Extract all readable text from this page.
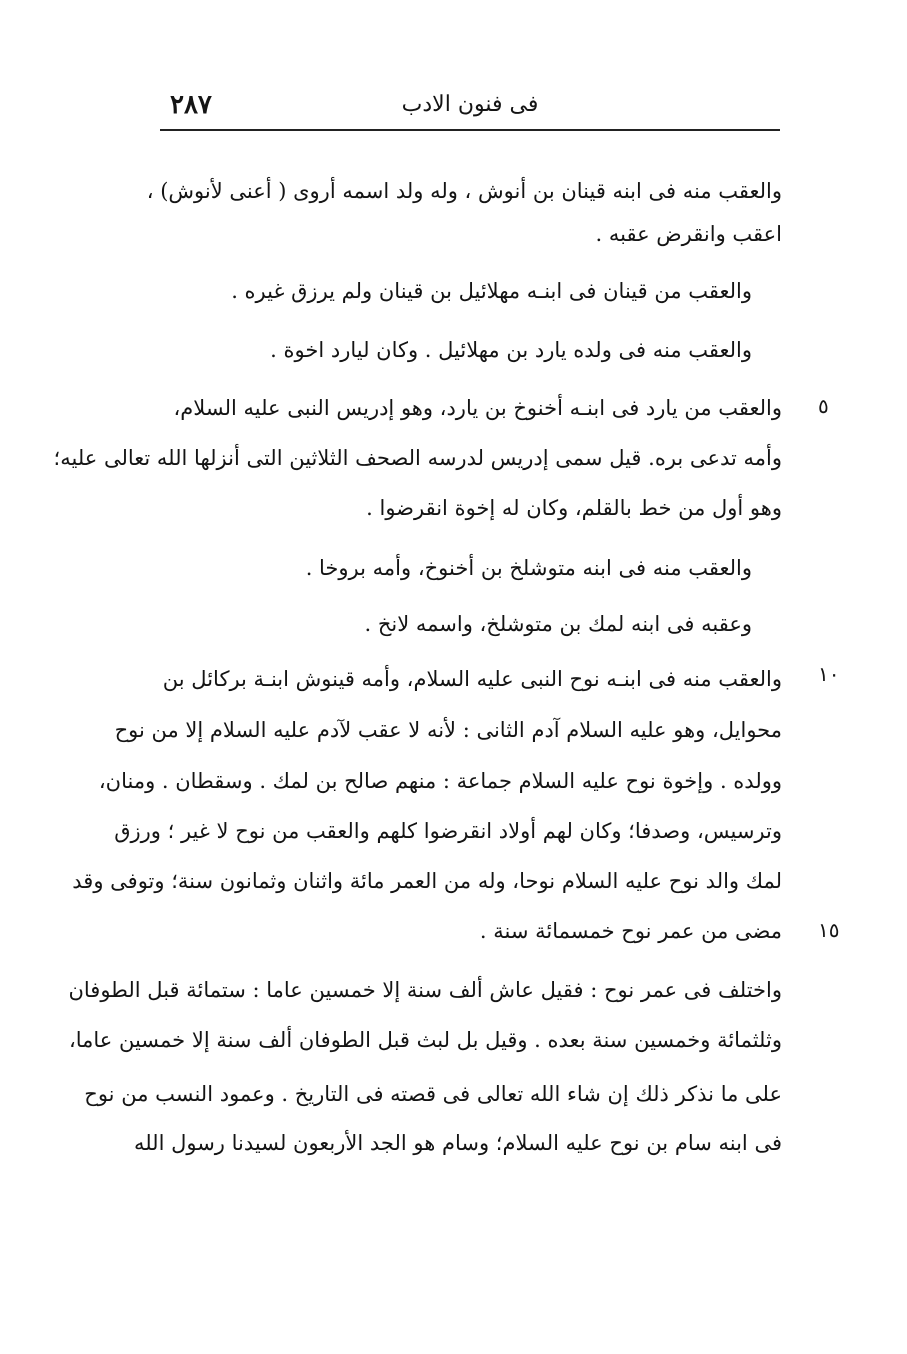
٢٨٧	فى فنون الادب
٥
١٠
١٥
والعقب منه فى ابنه قينان بن أنوش ، وله ولد اسمه أروى ( أعنى لأنوش) ،
اعقب وانقرض عقبه .
والعقب من قينان فى ابنـه مهلائيل بن قينان ولم يرزق غيره .
والعقب منه فى ولده يارد بن مهلائيل . وكان ليارد اخوة .
والعقب من يارد فى ابنـه أخنوخ بن يارد، وهو إدريس النبى عليه السلام،
وأمه تدعى بره. قيل سمى إدريس لدرسه الصحف الثلاثين التى أنزلها الله تعالى عليه؛
وهو أول من خط بالقلم، وكان له إخوة انقرضوا .
والعقب منه فى ابنه متوشلخ بن أخنوخ، وأمه بروخا .
وعقبه فى ابنه لمك بن متوشلخ، واسمه لانخ .
والعقب منه فى ابنـه نوح النبى عليه السلام، وأمه قينوش ابنـة بركائل بن
محوايل، وهو عليه السلام آدم الثانى : لأنه لا عقب لآدم عليه السلام إلا من نوح
وولده . وإخوة نوح عليه السلام جماعة : منهم صالح بن لمك . وسقطان . ومنان،
وترسيس، وصدفا؛ وكان لهم أولاد انقرضوا كلهم والعقب من نوح لا غير ؛ ورزق
لمك والد نوح عليه السلام نوحا، وله من العمر مائة واثنان وثمانون سنة؛ وتوفى وقد
مضى من عمر نوح خمسمائة سنة .
واختلف فى عمر نوح : فقيل عاش ألف سنة إلا خمسين عاما : ستمائة قبل الطوفان
وثلثمائة وخمسين سنة بعده . وقيل بل لبث قبل الطوفان ألف سنة إلا خمسين عاما،
على ما نذكر ذلك إن شاء الله تعالى فى قصته فى التاريخ . وعمود النسب من نوح
فى ابنه سام بن نوح عليه السلام؛ وسام هو الجد الأربعون لسيدنا رسول الله
